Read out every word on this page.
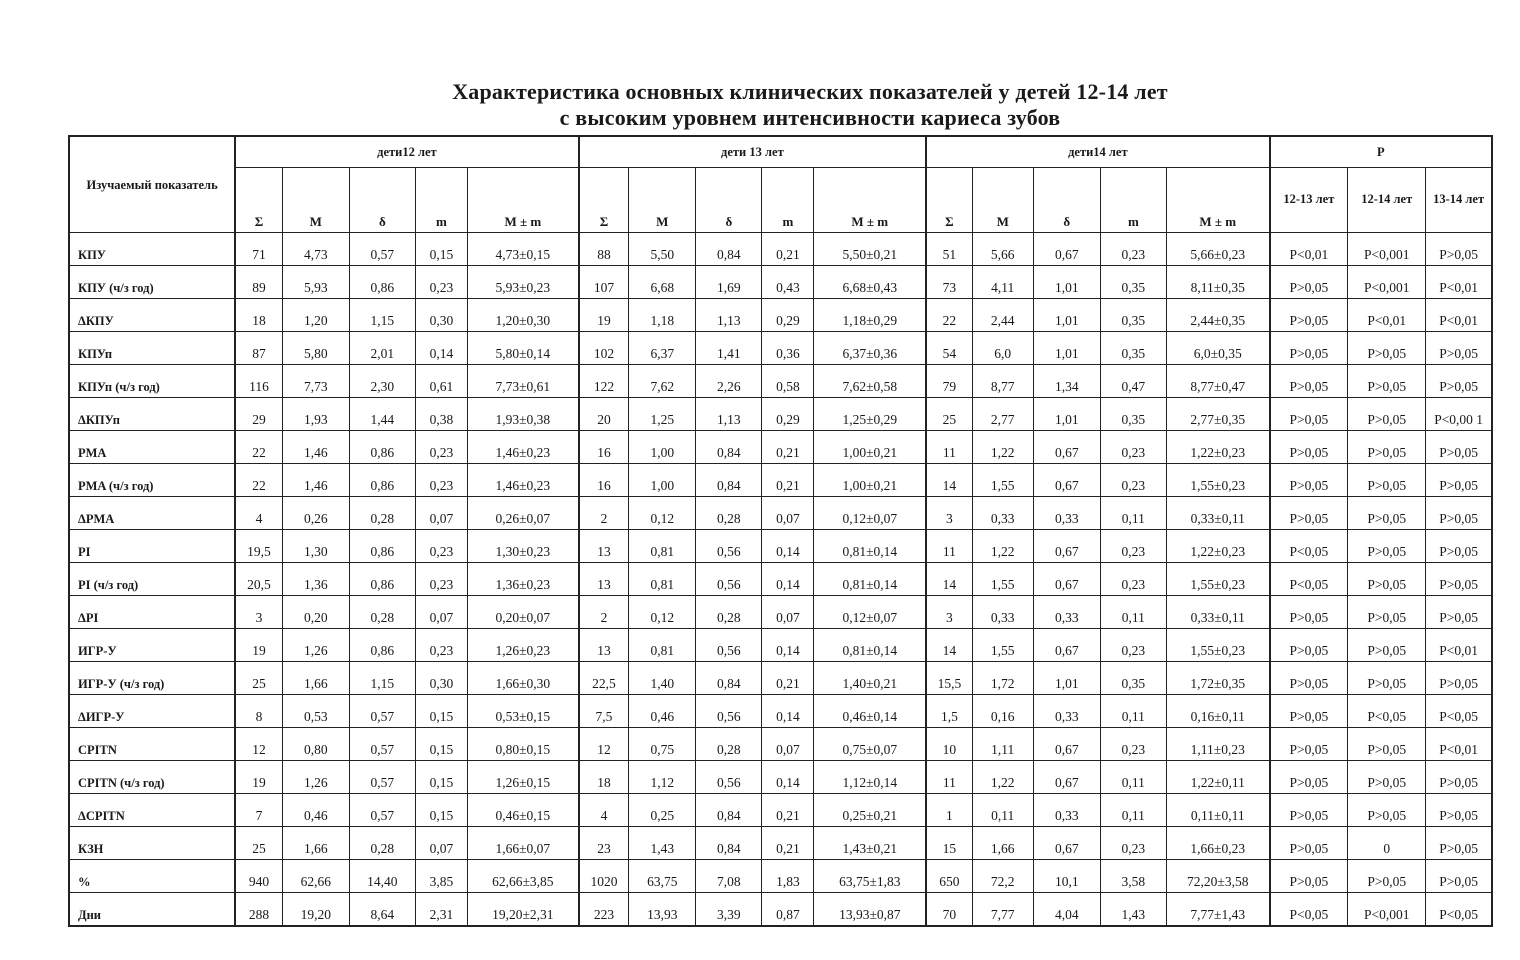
Характеристика основных клинических показателей у детей 12-14 лет
с высоким уровнем интенсивности кариеса зубов
Изучаемый показатель	дети12 лет					дети 13 лет					дети14 лет					Р		
	Σ	М	δ	m	М ± m	Σ	М	δ	m	М ± m	Σ	М	δ	m	М ± m	12-13 лет	12-14 лет	13-14 лет
КПУ	71	4,73	0,57	0,15	4,73±0,15	88	5,50	0,84	0,21	5,50±0,21	51	5,66	0,67	0,23	5,66±0,23	P<0,01	P<0,001	P>0,05
КПУ (ч/з год)	89	5,93	0,86	0,23	5,93±0,23	107	6,68	1,69	0,43	6,68±0,43	73	4,11	1,01	0,35	8,11±0,35	P>0,05	P<0,001	P<0,01
ΔКПУ	18	1,20	1,15	0,30	1,20±0,30	19	1,18	1,13	0,29	1,18±0,29	22	2,44	1,01	0,35	2,44±0,35	P>0,05	P<0,01	P<0,01
КПУп	87	5,80	2,01	0,14	5,80±0,14	102	6,37	1,41	0,36	6,37±0,36	54	6,0	1,01	0,35	6,0±0,35	P>0,05	P>0,05	P>0,05
КПУп (ч/з год)	116	7,73	2,30	0,61	7,73±0,61	122	7,62	2,26	0,58	7,62±0,58	79	8,77	1,34	0,47	8,77±0,47	P>0,05	P>0,05	P>0,05
ΔКПУп	29	1,93	1,44	0,38	1,93±0,38	20	1,25	1,13	0,29	1,25±0,29	25	2,77	1,01	0,35	2,77±0,35	P>0,05	P>0,05	P<0,00 1
PMA	22	1,46	0,86	0,23	1,46±0,23	16	1,00	0,84	0,21	1,00±0,21	11	1,22	0,67	0,23	1,22±0,23	P>0,05	P>0,05	P>0,05
PMA (ч/з год)	22	1,46	0,86	0,23	1,46±0,23	16	1,00	0,84	0,21	1,00±0,21	14	1,55	0,67	0,23	1,55±0,23	P>0,05	P>0,05	P>0,05
ΔPMA	4	0,26	0,28	0,07	0,26±0,07	2	0,12	0,28	0,07	0,12±0,07	3	0,33	0,33	0,11	0,33±0,11	P>0,05	P>0,05	P>0,05
PI	19,5	1,30	0,86	0,23	1,30±0,23	13	0,81	0,56	0,14	0,81±0,14	11	1,22	0,67	0,23	1,22±0,23	P<0,05	P>0,05	P>0,05
PI (ч/з год)	20,5	1,36	0,86	0,23	1,36±0,23	13	0,81	0,56	0,14	0,81±0,14	14	1,55	0,67	0,23	1,55±0,23	P<0,05	P>0,05	P>0,05
ΔPI	3	0,20	0,28	0,07	0,20±0,07	2	0,12	0,28	0,07	0,12±0,07	3	0,33	0,33	0,11	0,33±0,11	P>0,05	P>0,05	P>0,05
ИГР-У	19	1,26	0,86	0,23	1,26±0,23	13	0,81	0,56	0,14	0,81±0,14	14	1,55	0,67	0,23	1,55±0,23	P>0,05	P>0,05	P<0,01
ИГР-У (ч/з год)	25	1,66	1,15	0,30	1,66±0,30	22,5	1,40	0,84	0,21	1,40±0,21	15,5	1,72	1,01	0,35	1,72±0,35	P>0,05	P>0,05	P>0,05
ΔИГР-У	8	0,53	0,57	0,15	0,53±0,15	7,5	0,46	0,56	0,14	0,46±0,14	1,5	0,16	0,33	0,11	0,16±0,11	P>0,05	P<0,05	P<0,05
CPITN	12	0,80	0,57	0,15	0,80±0,15	12	0,75	0,28	0,07	0,75±0,07	10	1,11	0,67	0,23	1,11±0,23	P>0,05	P>0,05	P<0,01
CPITN (ч/з год)	19	1,26	0,57	0,15	1,26±0,15	18	1,12	0,56	0,14	1,12±0,14	11	1,22	0,67	0,11	1,22±0,11	P>0,05	P>0,05	P>0,05
ΔCPITN	7	0,46	0,57	0,15	0,46±0,15	4	0,25	0,84	0,21	0,25±0,21	1	0,11	0,33	0,11	0,11±0,11	P>0,05	P>0,05	P>0,05
КЗН	25	1,66	0,28	0,07	1,66±0,07	23	1,43	0,84	0,21	1,43±0,21	15	1,66	0,67	0,23	1,66±0,23	P>0,05	0	P>0,05
%	940	62,66	14,40	3,85	62,66±3,85	1020	63,75	7,08	1,83	63,75±1,83	650	72,2	10,1	3,58	72,20±3,58	P>0,05	P>0,05	P>0,05
Дни	288	19,20	8,64	2,31	19,20±2,31	223	13,93	3,39	0,87	13,93±0,87	70	7,77	4,04	1,43	7,77±1,43	P<0,05	P<0,001	P<0,05
